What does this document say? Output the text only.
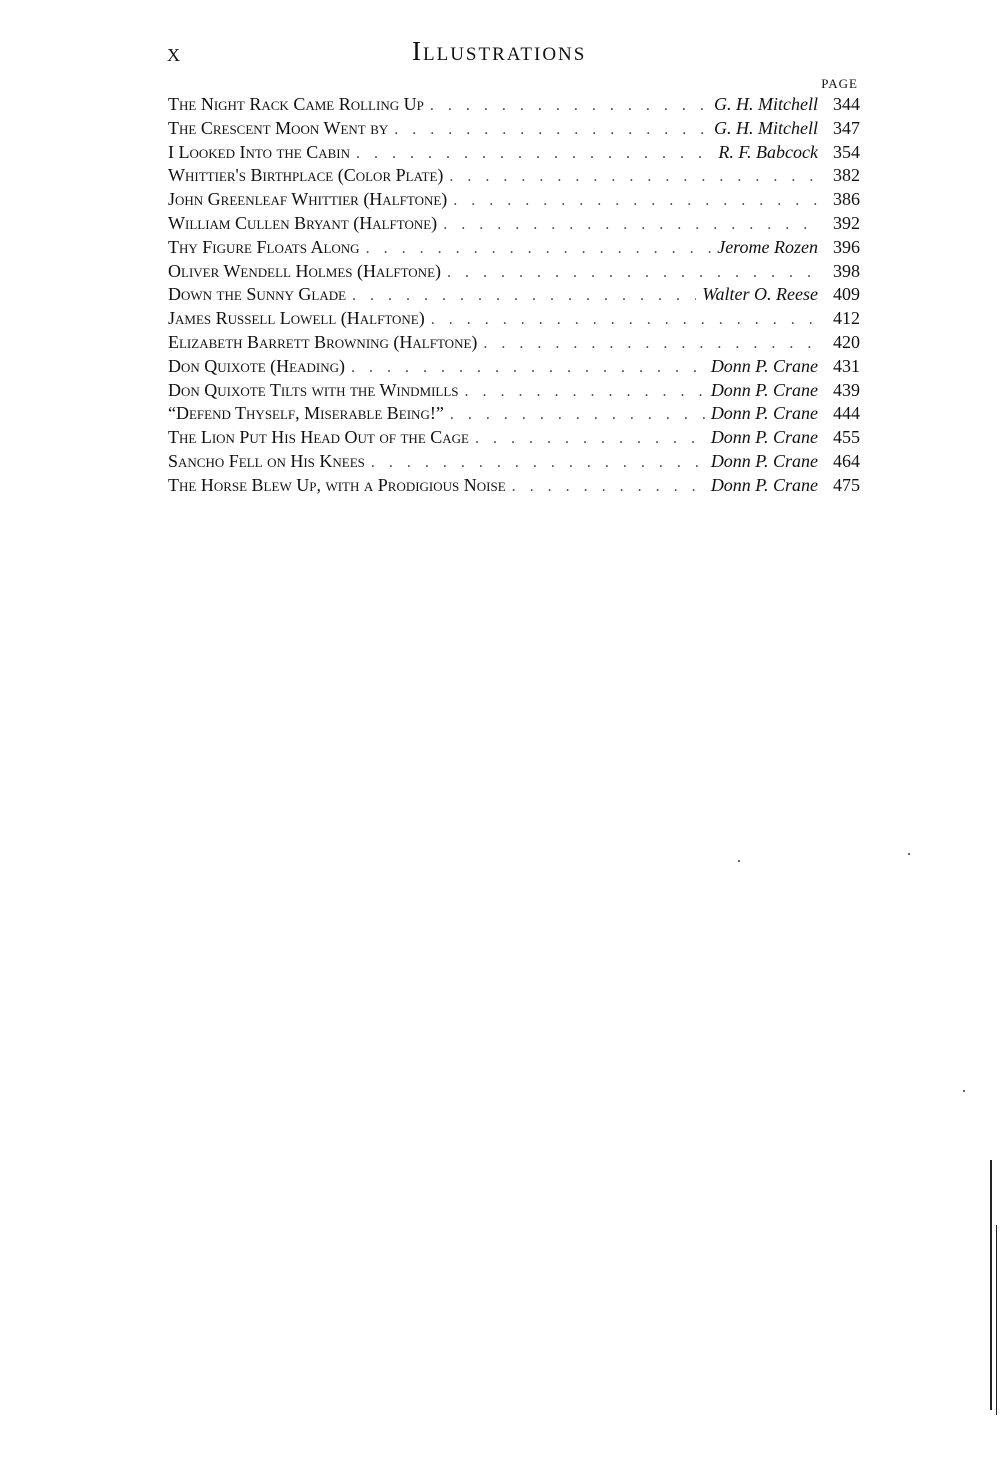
x	Illustrations
PAGE
The Night Rack Came Rolling Up . . .	G. H. Mitchell 344
The Crescent Moon Went by . . .	G. H. Mitchell 347
I Looked Into the Cabin . . .	R. F. Babcock 354
Whittier's Birthplace (Color Plate) . . .	382
John Greenleaf Whittier (Halftone) . . .	386
William Cullen Bryant (Halftone) . . .	392
Thy Figure Floats Along . . .	Jerome Rozen 396
Oliver Wendell Holmes (Halftone) . . .	398
Down the Sunny Glade . . .	Walter O. Reese 409
James Russell Lowell (Halftone) . . .	412
Elizabeth Barrett Browning (Halftone) . . .	420
Don Quixote (Heading) . . .	Donn P. Crane 431
Don Quixote Tilts with the Windmills . . .	Donn P. Crane 439
“Defend Thyself, Miserable Being!” . . .	Donn P. Crane 444
The Lion Put His Head Out of the Cage . . .	Donn P. Crane 455
Sancho Fell on His Knees . . .	Donn P. Crane 464
The Horse Blew Up, with a Prodigious Noise . . .	Donn P. Crane 475
